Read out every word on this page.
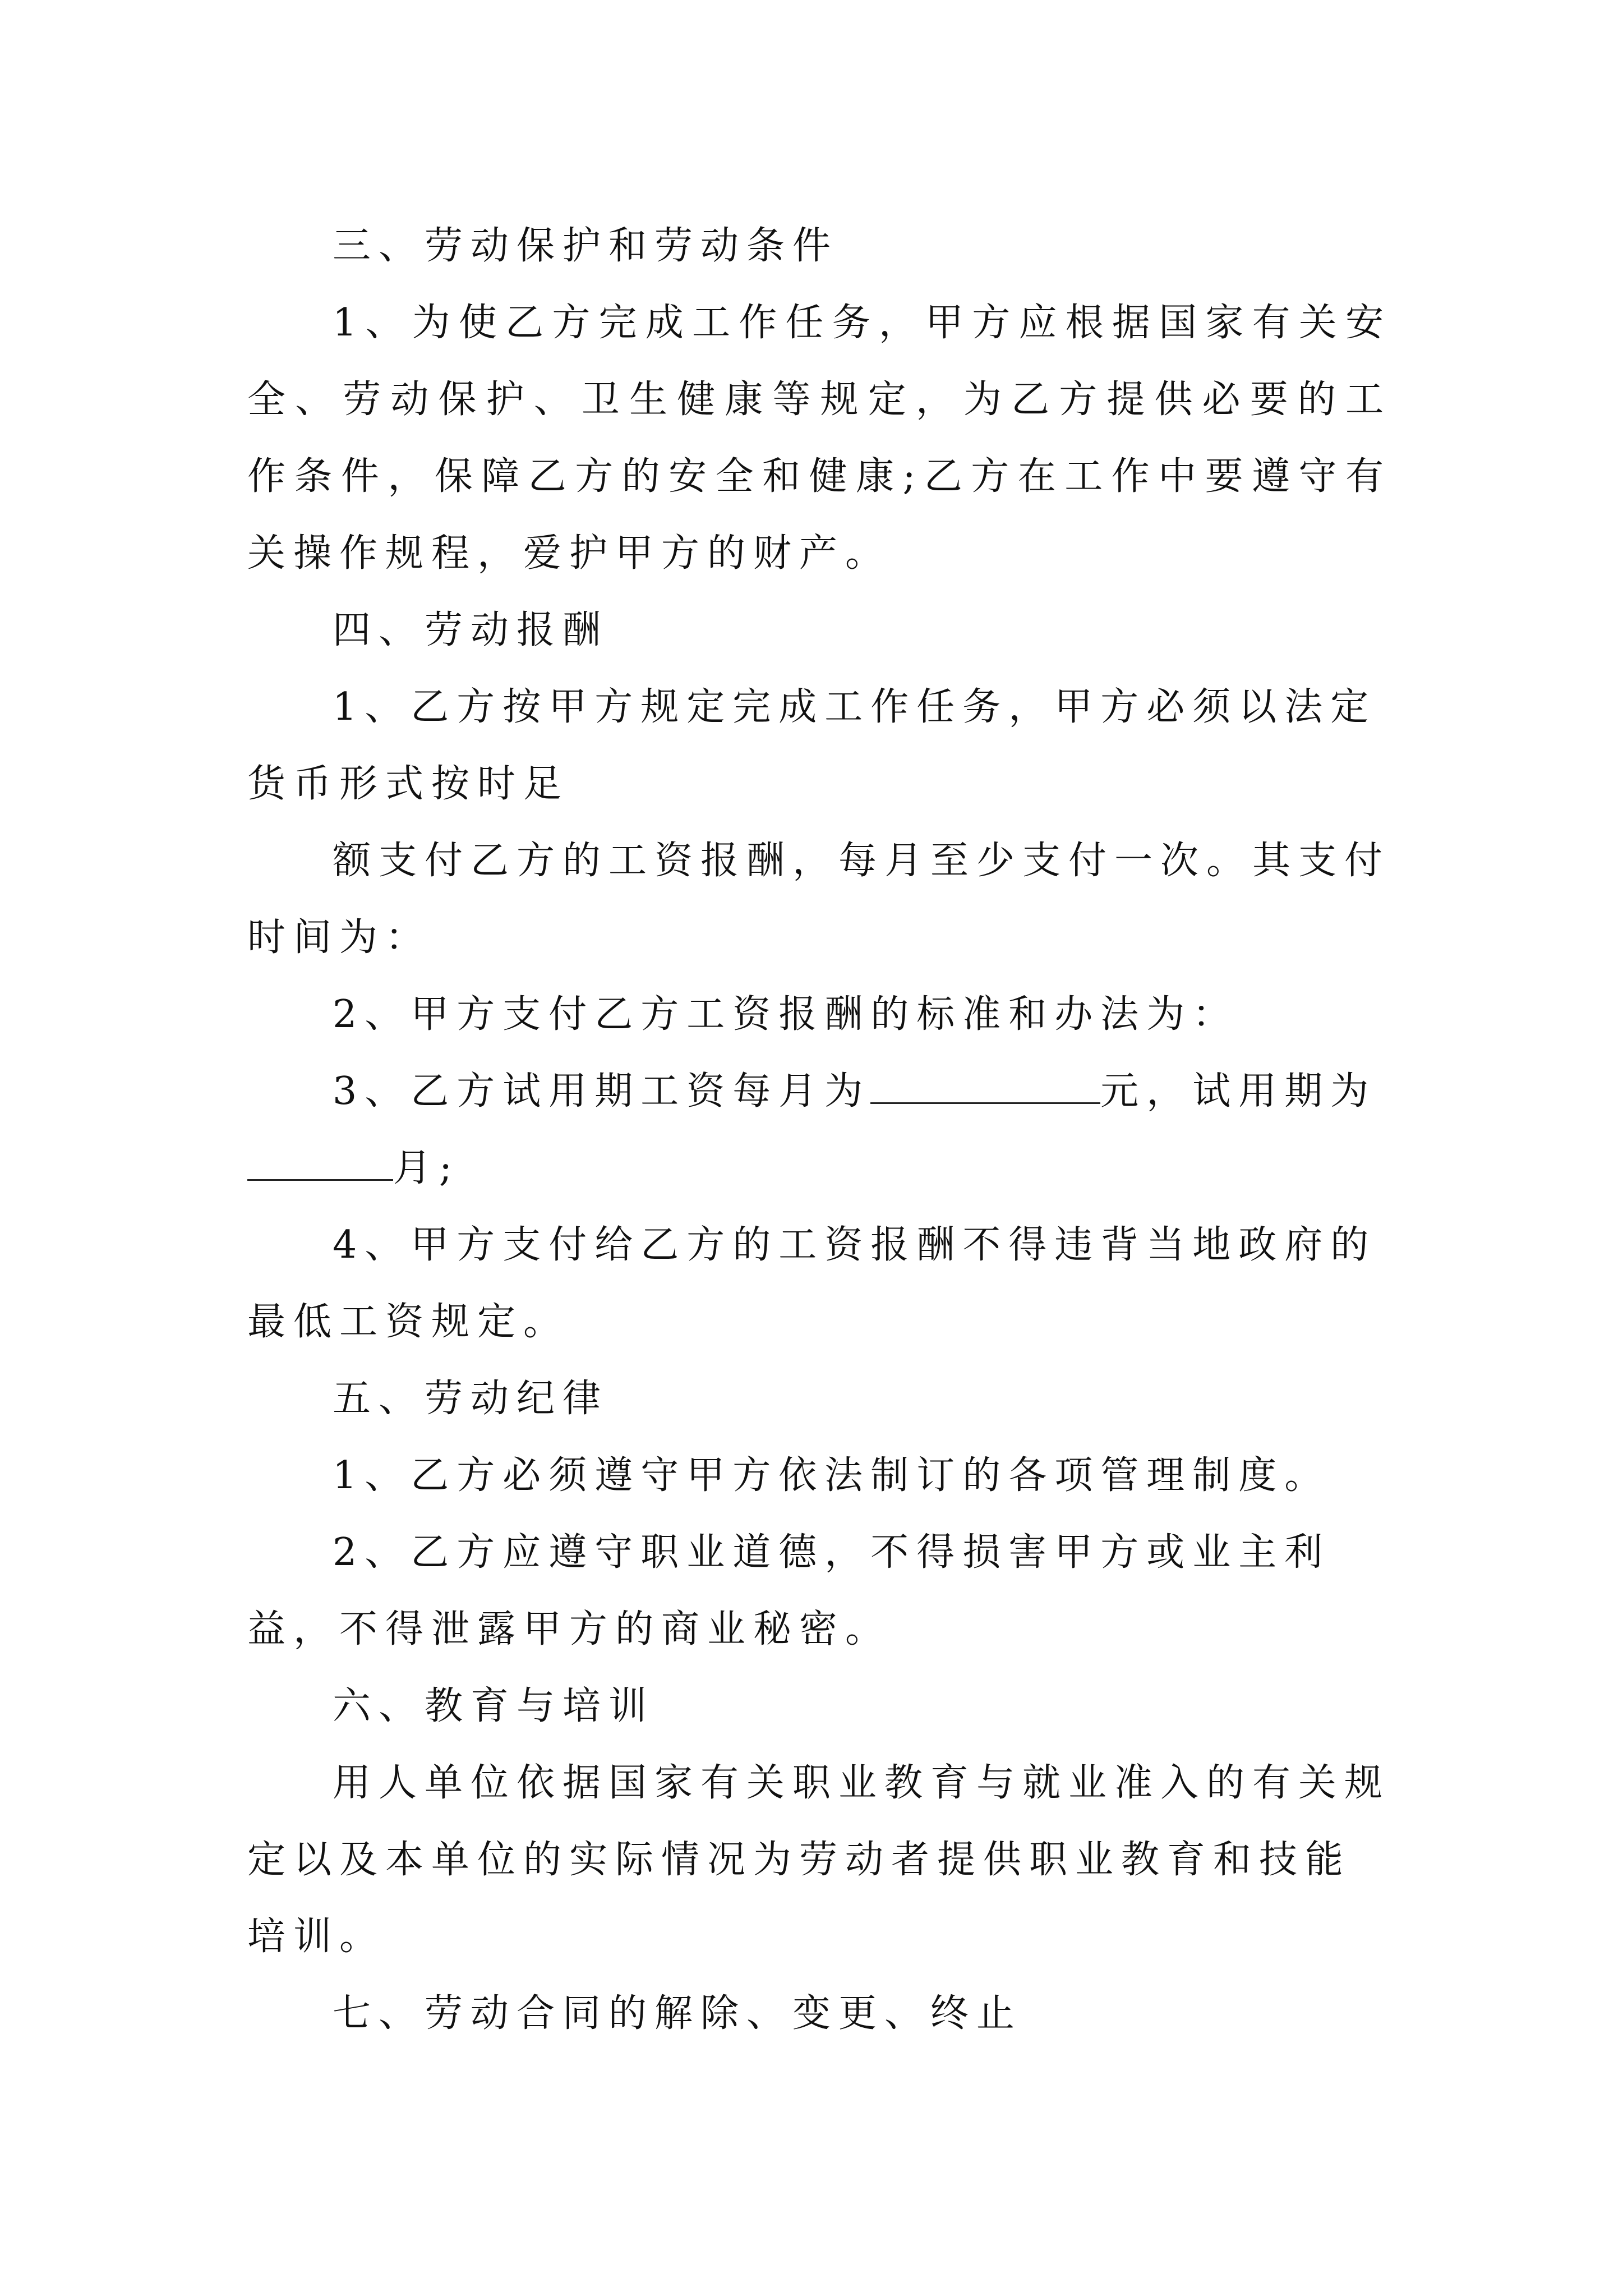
三、劳动保护和劳动条件

1、为使乙方完成工作任务，甲方应根据国家有关安全、劳动保护、卫生健康等规定，为乙方提供必要的工作条件，保障乙方的安全和健康;乙方在工作中要遵守有关操作规程，爱护甲方的财产。

四、劳动报酬

1、乙方按甲方规定完成工作任务，甲方必须以法定货币形式按时足

额支付乙方的工资报酬，每月至少支付一次。其支付时间为：

2、甲方支付乙方工资报酬的标准和办法为：

3、乙方试用期工资每月为	元，试用期为月;

4、甲方支付给乙方的工资报酬不得违背当地政府的最低工资规定。

五、劳动纪律

1、乙方必须遵守甲方依法制订的各项管理制度。

2、乙方应遵守职业道德，不得损害甲方或业主利益，不得泄露甲方的商业秘密。

六、教育与培训

用人单位依据国家有关职业教育与就业准入的有关规定以及本单位的实际情况为劳动者提供职业教育和技能培训。

七、劳动合同的解除、变更、终止
